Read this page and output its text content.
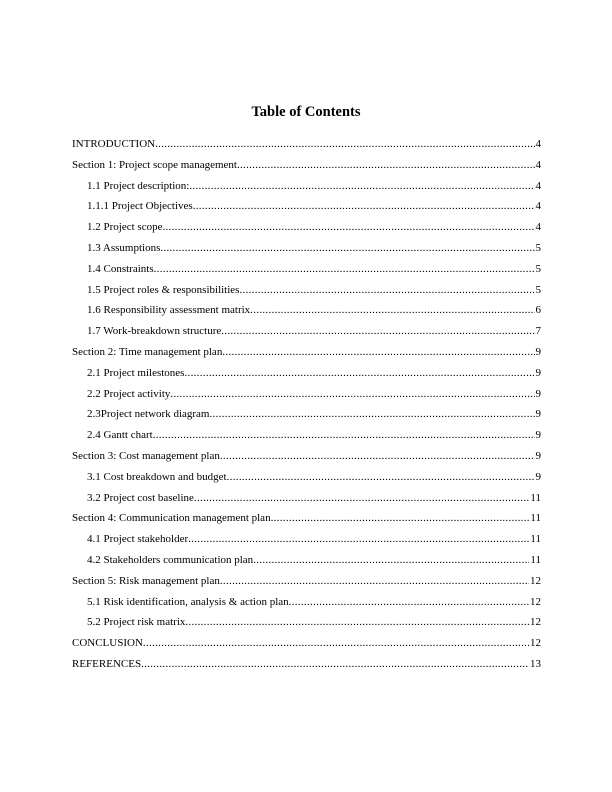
Table of Contents
INTRODUCTION .....	4
Section 1: Project scope management .....	4
1.1 Project description: .....	4
1.1.1 Project Objectives .....	4
1.2 Project scope .....	4
1.3 Assumptions .....	5
1.4 Constraints .....	5
1.5 Project roles & responsibilities .....	5
1.6 Responsibility assessment matrix .....	6
1.7 Work-breakdown structure .....	7
Section 2: Time management plan .....	9
2.1 Project milestones .....	9
2.2 Project activity .....	9
2.3Project network diagram .....	9
2.4 Gantt chart .....	9
Section 3: Cost management plan .....	9
3.1 Cost breakdown and budget .....	9
3.2 Project cost baseline .....	11
Section 4: Communication management plan .....	11
4.1 Project stakeholder .....	11
4.2 Stakeholders communication plan .....	11
Section 5: Risk management plan .....	12
5.1 Risk identification, analysis & action plan .....	12
5.2 Project risk matrix .....	12
CONCLUSION .....	12
REFERENCES .....	13
